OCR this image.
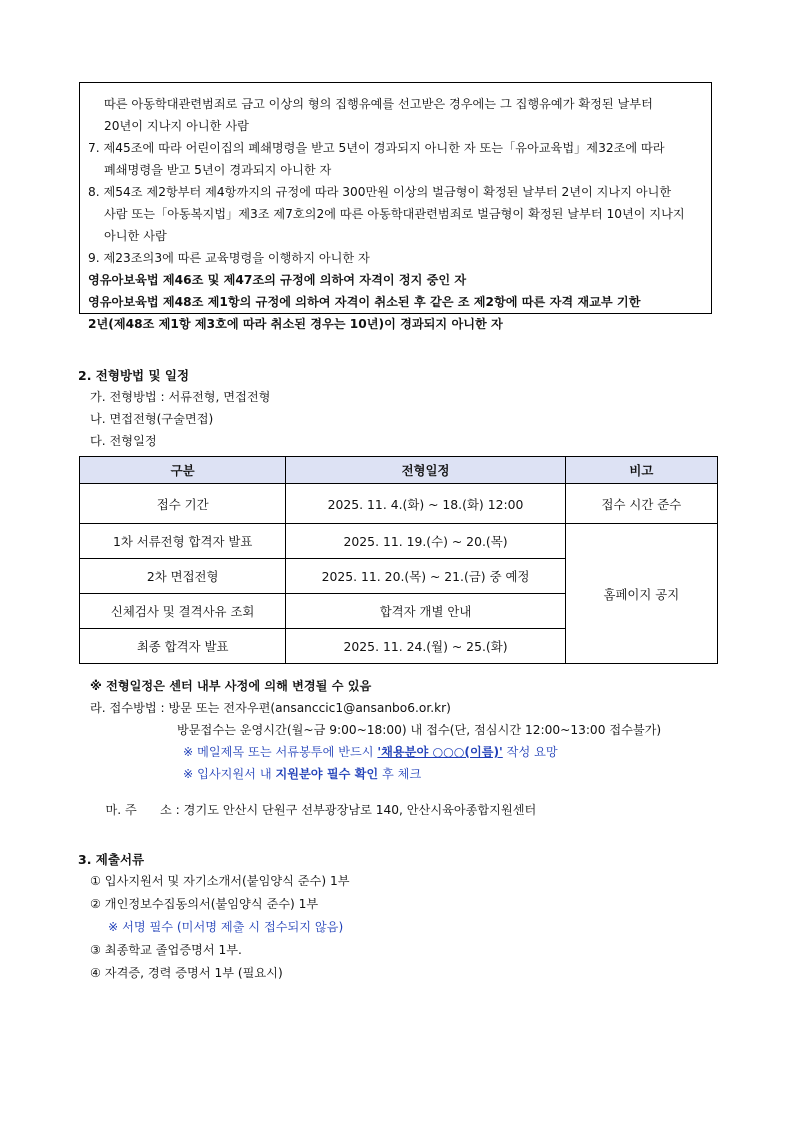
따른 아동학대관련범죄로 금고 이상의 형의 집행유예를 선고받은 경우에는 그 집행유예가 확정된 날부터
20년이 지나지 아니한 사람
7. 제45조에 따라 어린이집의 폐쇄명령을 받고 5년이 경과되지 아니한 자 또는「유아교육법」제32조에 따라
폐쇄명령을 받고 5년이 경과되지 아니한 자
8. 제54조 제2항부터 제4항까지의 규정에 따라 300만원 이상의 벌금형이 확정된 날부터 2년이 지나지 아니한
사람 또는「아동복지법」제3조 제7호의2에 따른 아동학대관련범죄로 벌금형이 확정된 날부터 10년이 지나지
아니한 사람
9. 제23조의3에 따른 교육명령을 이행하지 아니한 자
영유아보육법 제46조 및 제47조의 규정에 의하여 자격이 정지 중인 자
영유아보육법 제48조 제1항의 규정에 의하여 자격이 취소된 후 같은 조 제2항에 따른 자격 재교부 기한
2년(제48조 제1항 제3호에 따라 취소된 경우는 10년)이 경과되지 아니한 자
2. 전형방법 및 일정
가. 전형방법 : 서류전형, 면접전형
나. 면접전형(구술면접)
다. 전형일정
구분	전형일정	비고
접수 기간	2025. 11. 4.(화) ~ 18.(화) 12:00	접수 시간 준수
1차 서류전형 합격자 발표	2025. 11. 19.(수) ~ 20.(목)	홈페이지 공지
2차 면접전형	2025. 11. 20.(목) ~ 21.(금) 중 예정	
신체검사 및 결격사유 조회	합격자 개별 안내	
최종 합격자 발표	2025. 11. 24.(월) ~ 25.(화)	
※ 전형일정은 센터 내부 사정에 의해 변경될 수 있음
라. 접수방법 : 방문 또는 전자우편(ansanccic1@ansanbo6.or.kr)
방문접수는 운영시간(월~금 9:00~18:00) 내 접수(단, 점심시간 12:00~13:00 접수불가)
※ 메일제목 또는 서류봉투에 반드시 '채용분야 ○○○(이름)' 작성 요망
※ 입사지원서 내 지원분야 필수 확인 후 체크

마. 주      소 : 경기도 안산시 단원구 선부광장남로 140, 안산시육아종합지원센터

3. 제출서류
① 입사지원서 및 자기소개서(붙임양식 준수) 1부
② 개인정보수집동의서(붙임양식 준수) 1부
※ 서명 필수 (미서명 제출 시 접수되지 않음)
③ 최종학교 졸업증명서 1부.
④ 자격증, 경력 증명서 1부 (필요시)
